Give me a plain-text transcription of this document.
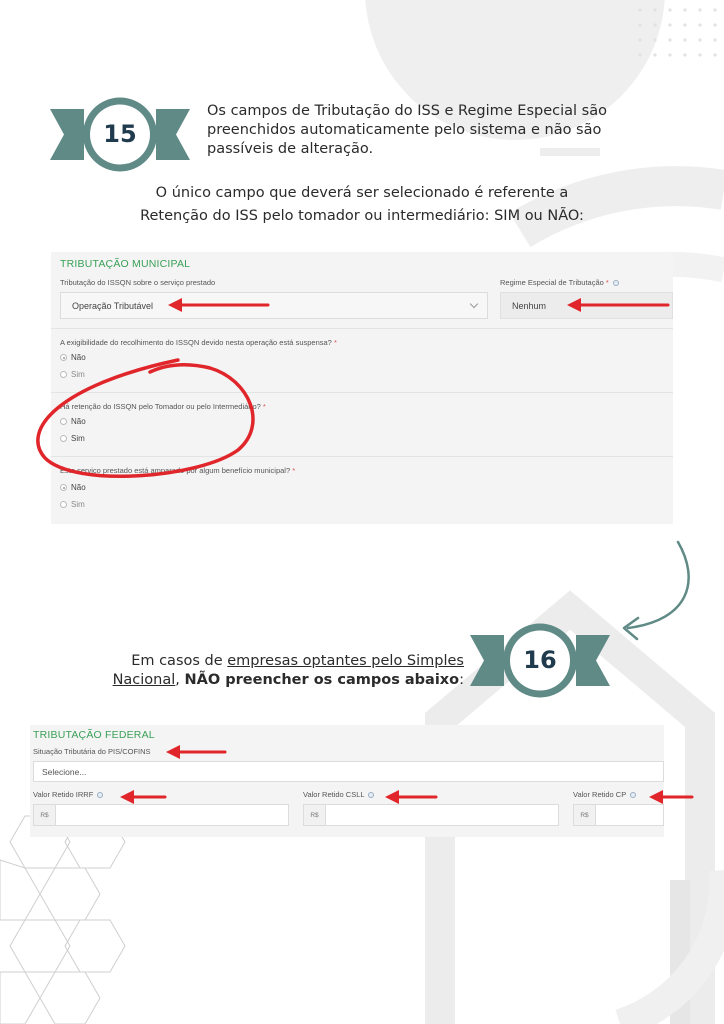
15
Os campos de Tributação do ISS e Regime Especial são preenchidos automaticamente pelo sistema e não são passíveis de alteração.
O único campo que deverá ser selecionado é referente a
Retenção do ISS pelo tomador ou intermediário: SIM ou NÃO:
TRIBUTAÇÃO MUNICIPAL
Tributação do ISSQN sobre o serviço prestado
Operação Tributável
Regime Especial de Tributação *
Nenhum
A exigibilidade do recolhimento do ISSQN devido nesta operação está suspensa? *
Não
Sim
Há retenção do ISSQN pelo Tomador ou pelo Intermediário? *
Não
Sim
Este serviço prestado está amparado por algum benefício municipal? *
Não
Sim
16
Em casos de empresas optantes pelo Simples
Nacional, NÃO preencher os campos abaixo:
TRIBUTAÇÃO FEDERAL
Situação Tributária do PIS/COFINS
Selecione...
Valor Retido IRRF
R$
Valor Retido CSLL
R$
Valor Retido CP
R$
